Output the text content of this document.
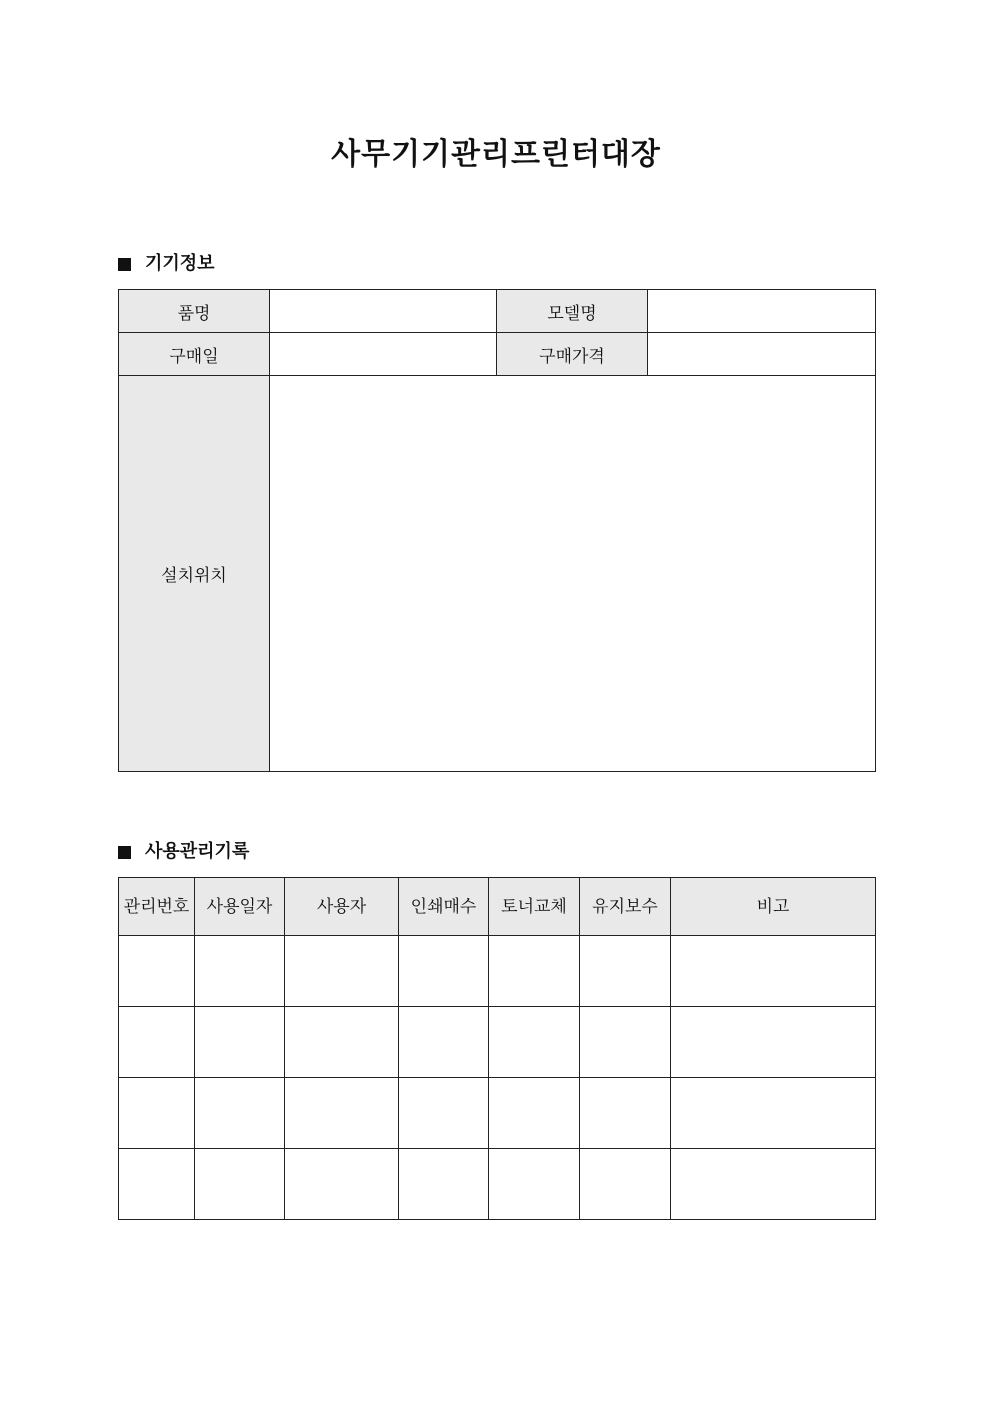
사무기기관리프린터대장
기기정보
품명		모델명	
구매일		구매가격	
설치위치			
사용관리기록
관리번호	사용일자	사용자	인쇄매수	토너교체	유지보수	비고
